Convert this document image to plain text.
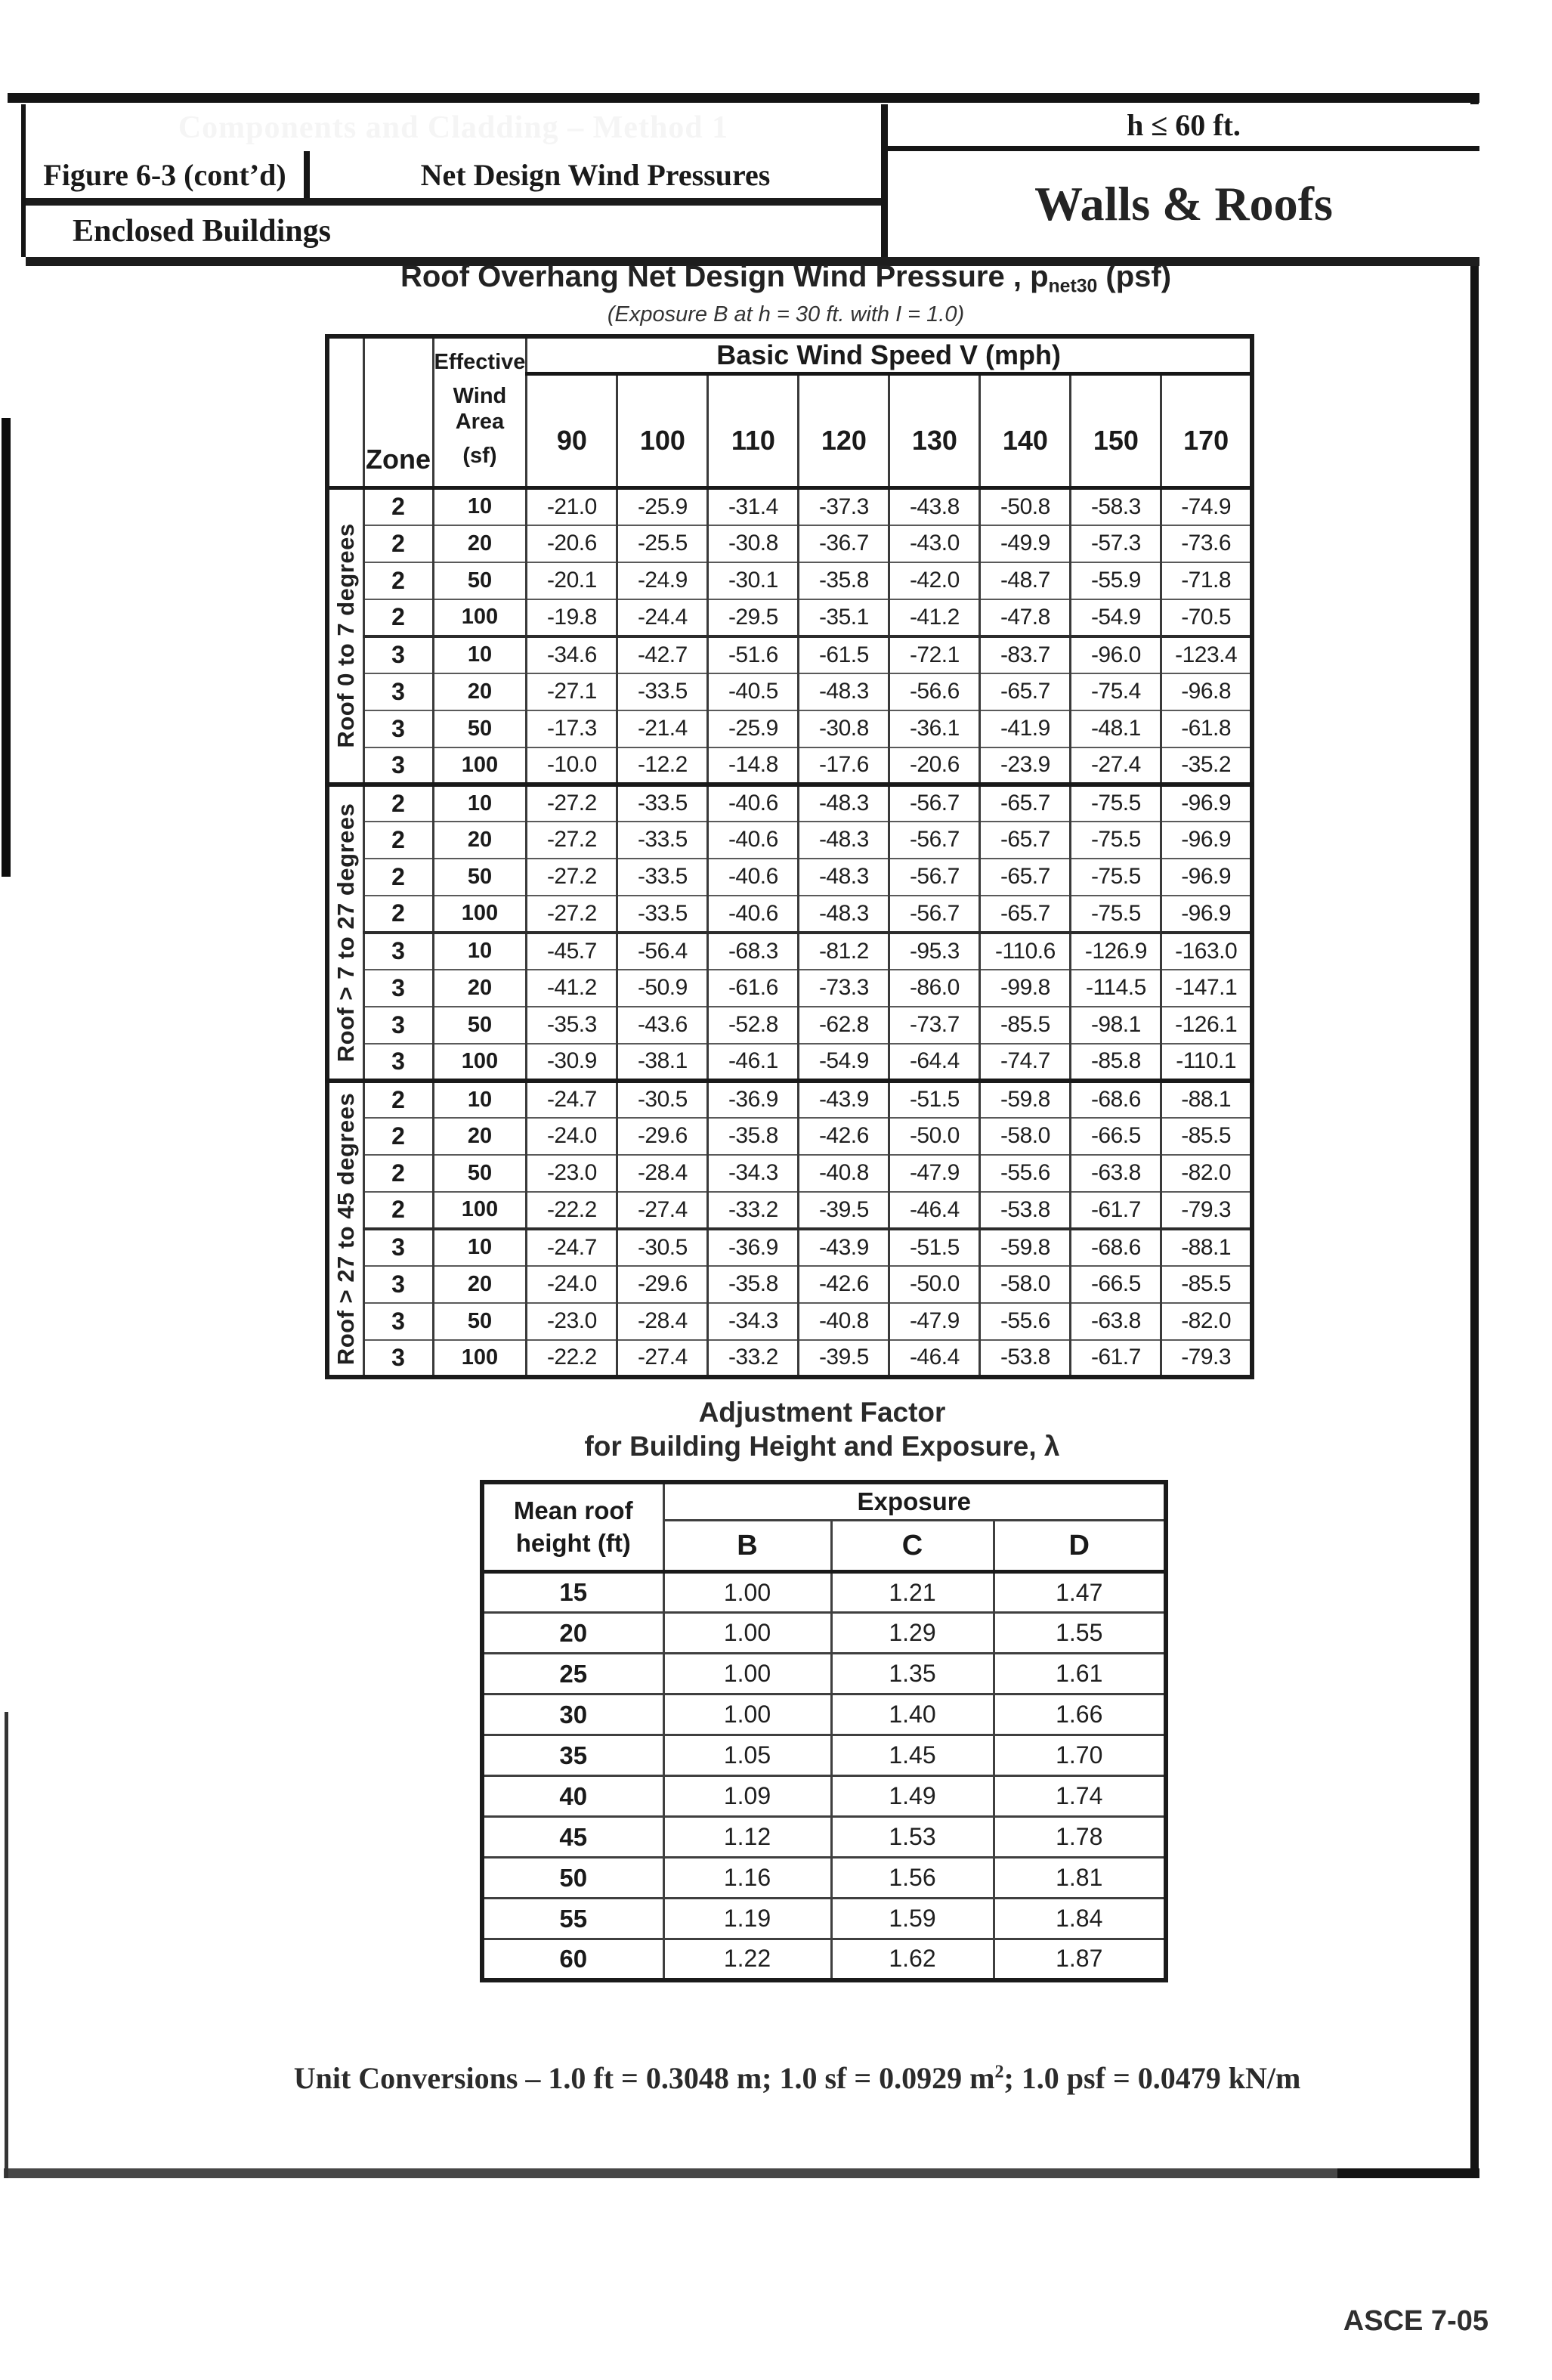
Components and Cladding – Method 1	h ≤ 60 ft.
Figure 6-3 (cont’d)	Net Design Wind Pressures
Enclosed Buildings
Walls & Roofs
Roof Overhang Net Design Wind Pressure , $p_{net30}$ (psf)
(Exposure B at h = 30 ft. with I = 1.0)
	Zone	Effective
Wind Area
(sf)	Basic Wind Speed V (mph)							
			90	100	110	120	130	140	150	170

Roof 0 to 7 degrees	2	10	-21.0	-25.9	-31.4	-37.3	-43.8	-50.8	-58.3	-74.9
	2	20	-20.6	-25.5	-30.8	-36.7	-43.0	-49.9	-57.3	-73.6
	2	50	-20.1	-24.9	-30.1	-35.8	-42.0	-48.7	-55.9	-71.8
	2	100	-19.8	-24.4	-29.5	-35.1	-41.2	-47.8	-54.9	-70.5
	3	10	-34.6	-42.7	-51.6	-61.5	-72.1	-83.7	-96.0	-123.4
	3	20	-27.1	-33.5	-40.5	-48.3	-56.6	-65.7	-75.4	-96.8
	3	50	-17.3	-21.4	-25.9	-30.8	-36.1	-41.9	-48.1	-61.8
	3	100	-10.0	-12.2	-14.8	-17.6	-20.6	-23.9	-27.4	-35.2

Roof > 7 to 27 degrees	2	10	-27.2	-33.5	-40.6	-48.3	-56.7	-65.7	-75.5	-96.9
	2	20	-27.2	-33.5	-40.6	-48.3	-56.7	-65.7	-75.5	-96.9
	2	50	-27.2	-33.5	-40.6	-48.3	-56.7	-65.7	-75.5	-96.9
	2	100	-27.2	-33.5	-40.6	-48.3	-56.7	-65.7	-75.5	-96.9
	3	10	-45.7	-56.4	-68.3	-81.2	-95.3	-110.6	-126.9	-163.0
	3	20	-41.2	-50.9	-61.6	-73.3	-86.0	-99.8	-114.5	-147.1
	3	50	-35.3	-43.6	-52.8	-62.8	-73.7	-85.5	-98.1	-126.1
	3	100	-30.9	-38.1	-46.1	-54.9	-64.4	-74.7	-85.8	-110.1

Roof > 27 to 45 degrees	2	10	-24.7	-30.5	-36.9	-43.9	-51.5	-59.8	-68.6	-88.1
	2	20	-24.0	-29.6	-35.8	-42.6	-50.0	-58.0	-66.5	-85.5
	2	50	-23.0	-28.4	-34.3	-40.8	-47.9	-55.6	-63.8	-82.0
	2	100	-22.2	-27.4	-33.2	-39.5	-46.4	-53.8	-61.7	-79.3
	3	10	-24.7	-30.5	-36.9	-43.9	-51.5	-59.8	-68.6	-88.1
	3	20	-24.0	-29.6	-35.8	-42.6	-50.0	-58.0	-66.5	-85.5
	3	50	-23.0	-28.4	-34.3	-40.8	-47.9	-55.6	-63.8	-82.0
	3	100	-22.2	-27.4	-33.2	-39.5	-46.4	-53.8	-61.7	-79.3
Adjustment Factor
for Building Height and Exposure, λ
Mean roof
height (ft)	Exposure		
	B	C	D
15	1.00	1.21	1.47
20	1.00	1.29	1.55
25	1.00	1.35	1.61
30	1.00	1.40	1.66
35	1.05	1.45	1.70
40	1.09	1.49	1.74
45	1.12	1.53	1.78
50	1.16	1.56	1.81
55	1.19	1.59	1.84
60	1.22	1.62	1.87
Unit Conversions – 1.0 ft = 0.3048 m; 1.0 sf = 0.0929 $m^2$; 1.0 psf = 0.0479 kN/m
ASCE 7-05
